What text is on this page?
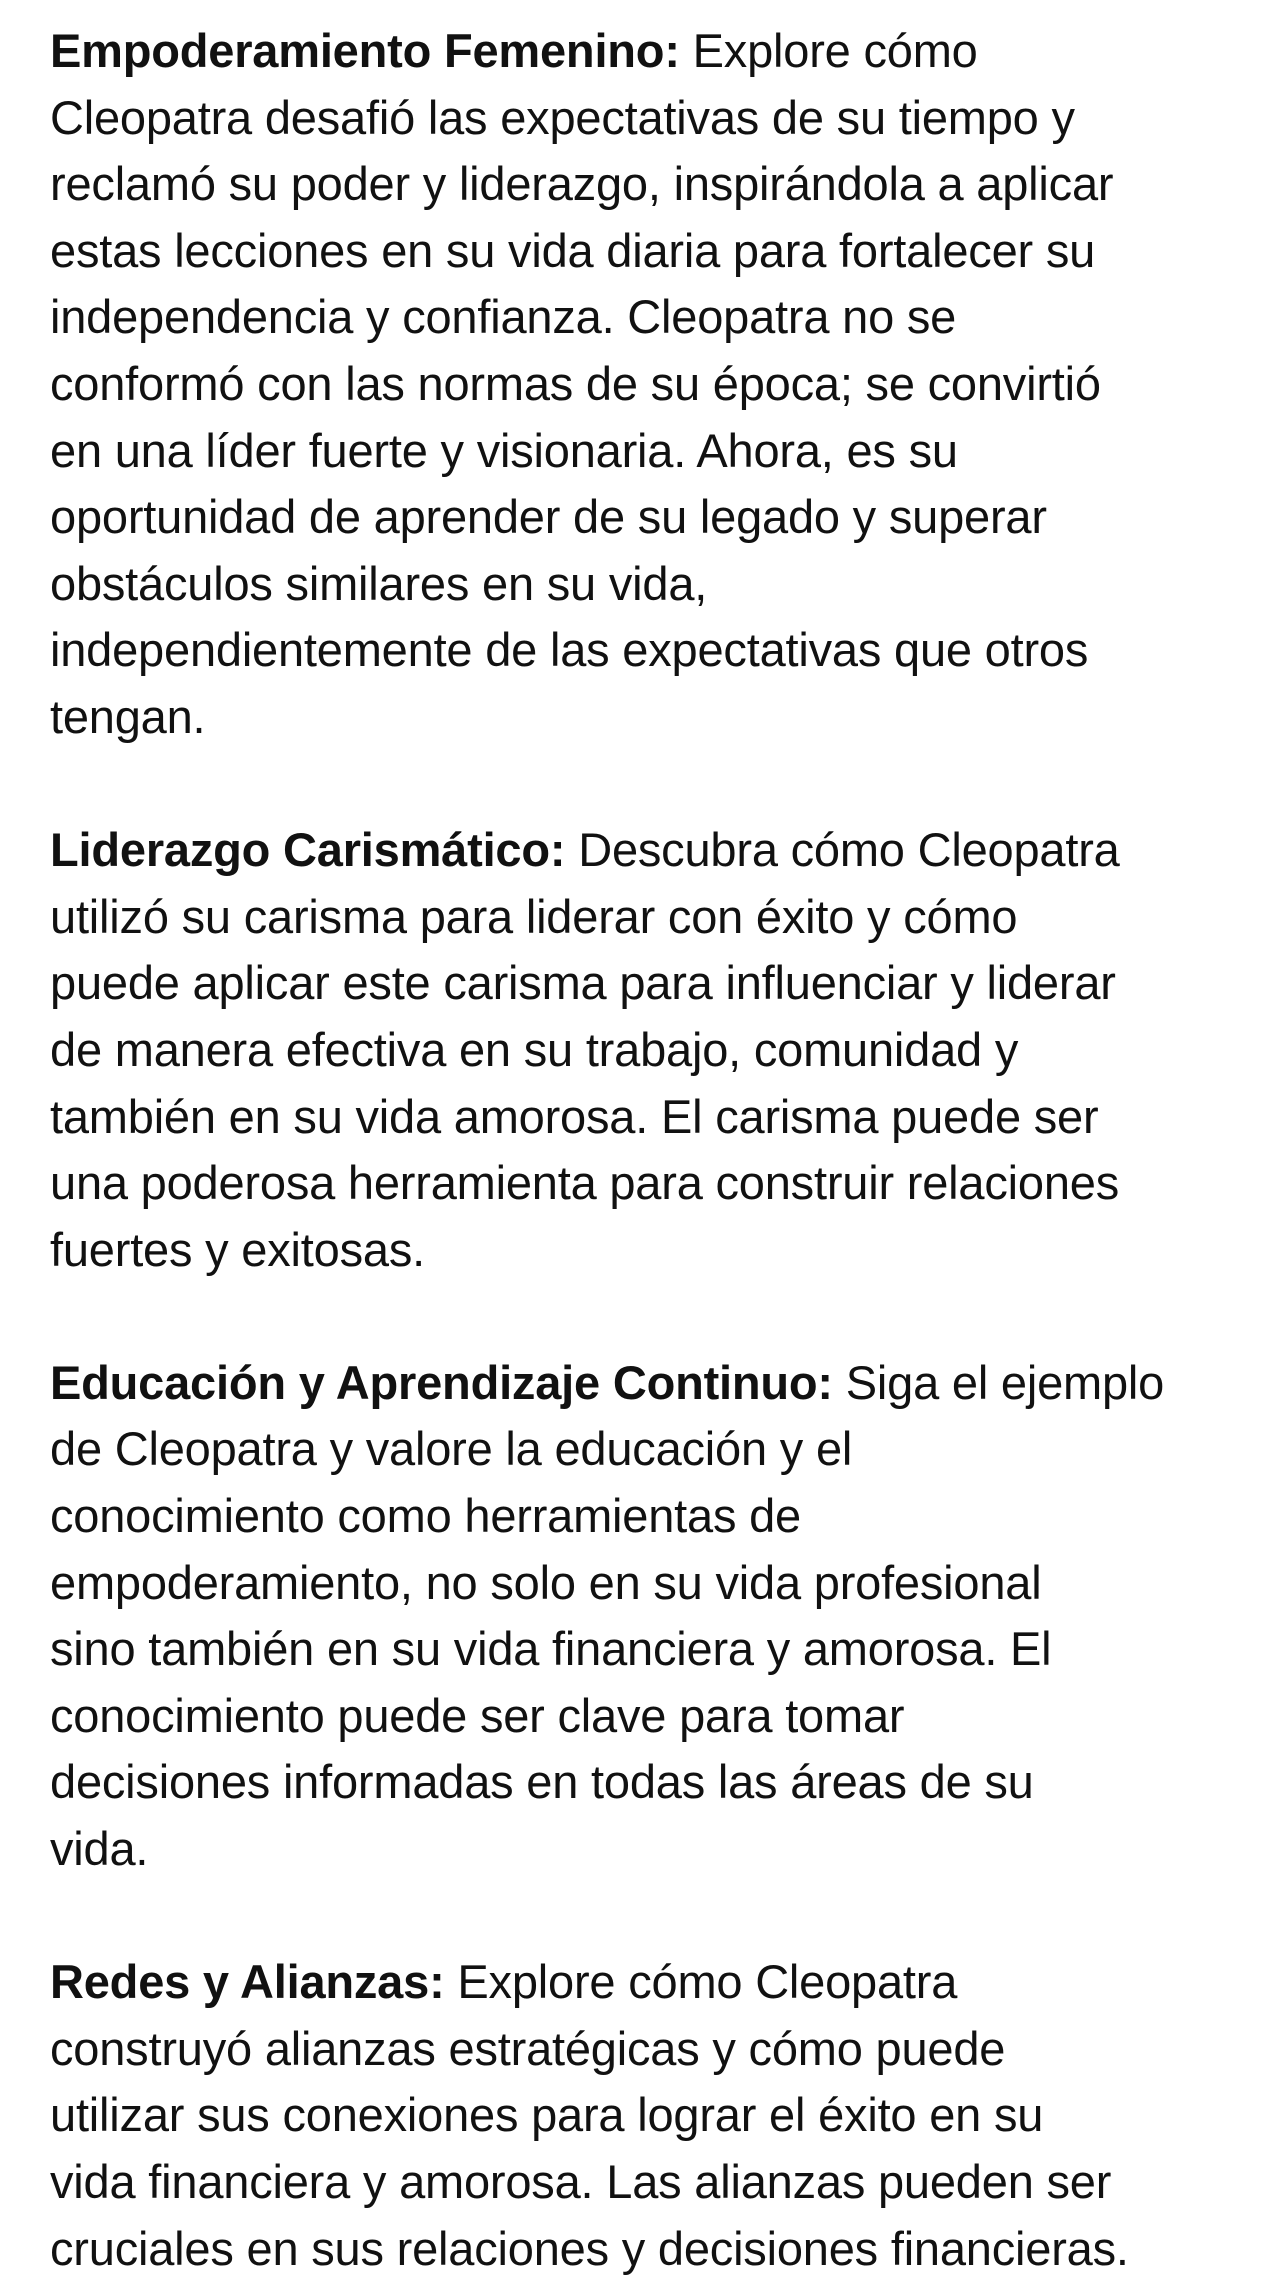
Empoderamiento Femenino: Explore cómo
Cleopatra desafió las expectativas de su tiempo y
reclamó su poder y liderazgo, inspirándola a aplicar
estas lecciones en su vida diaria para fortalecer su
independencia y confianza. Cleopatra no se
conformó con las normas de su época; se convirtió
en una líder fuerte y visionaria. Ahora, es su
oportunidad de aprender de su legado y superar
obstáculos similares en su vida,
independientemente de las expectativas que otros
tengan.
Liderazgo Carismático: Descubra cómo Cleopatra
utilizó su carisma para liderar con éxito y cómo
puede aplicar este carisma para influenciar y liderar
de manera efectiva en su trabajo, comunidad y
también en su vida amorosa. El carisma puede ser
una poderosa herramienta para construir relaciones
fuertes y exitosas.
Educación y Aprendizaje Continuo: Siga el ejemplo
de Cleopatra y valore la educación y el
conocimiento como herramientas de
empoderamiento, no solo en su vida profesional
sino también en su vida financiera y amorosa. El
conocimiento puede ser clave para tomar
decisiones informadas en todas las áreas de su
vida.
Redes y Alianzas: Explore cómo Cleopatra
construyó alianzas estratégicas y cómo puede
utilizar sus conexiones para lograr el éxito en su
vida financiera y amorosa. Las alianzas pueden ser
cruciales en sus relaciones y decisiones financieras.
